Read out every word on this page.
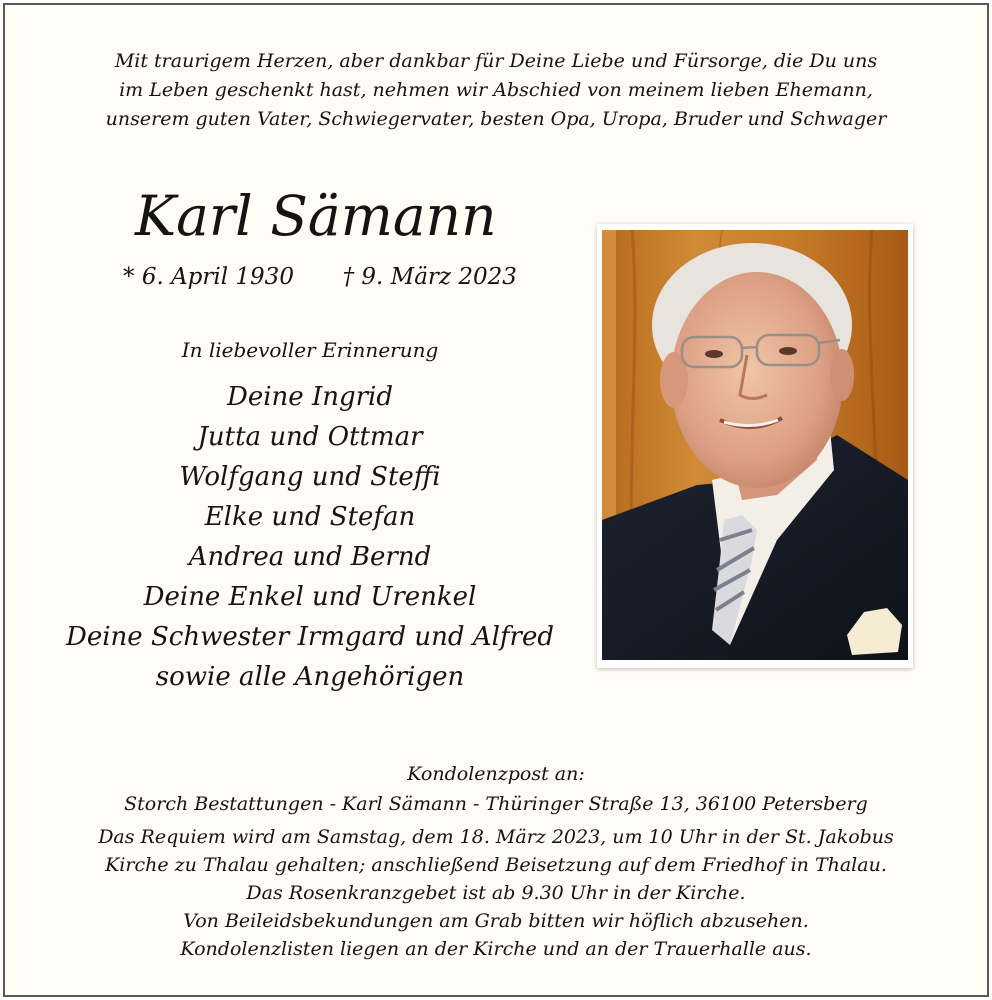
Mit traurigem Herzen, aber dankbar für Deine Liebe und Fürsorge, die Du uns
im Leben geschenkt hast, nehmen wir Abschied von meinem lieben Ehemann,
unserem guten Vater, Schwiegervater, besten Opa, Uropa, Bruder und Schwager
Karl Sämann
* 6. April 1930 † 9. März 2023
In liebevoller Erinnerung
Deine Ingrid
Jutta und Ottmar
Wolfgang und Steffi
Elke und Stefan
Andrea und Bernd
Deine Enkel und Urenkel
Deine Schwester Irmgard und Alfred
sowie alle Angehörigen
Kondolenzpost an:
Storch Bestattungen - Karl Sämann - Thüringer Straße 13, 36100 Petersberg
Das Requiem wird am Samstag, dem 18. März 2023, um 10 Uhr in der St. Jakobus
Kirche zu Thalau gehalten; anschließend Beisetzung auf dem Friedhof in Thalau.
Das Rosenkranzgebet ist ab 9.30 Uhr in der Kirche.
Von Beileidsbekundungen am Grab bitten wir höflich abzusehen.
Kondolenzlisten liegen an der Kirche und an der Trauerhalle aus.
